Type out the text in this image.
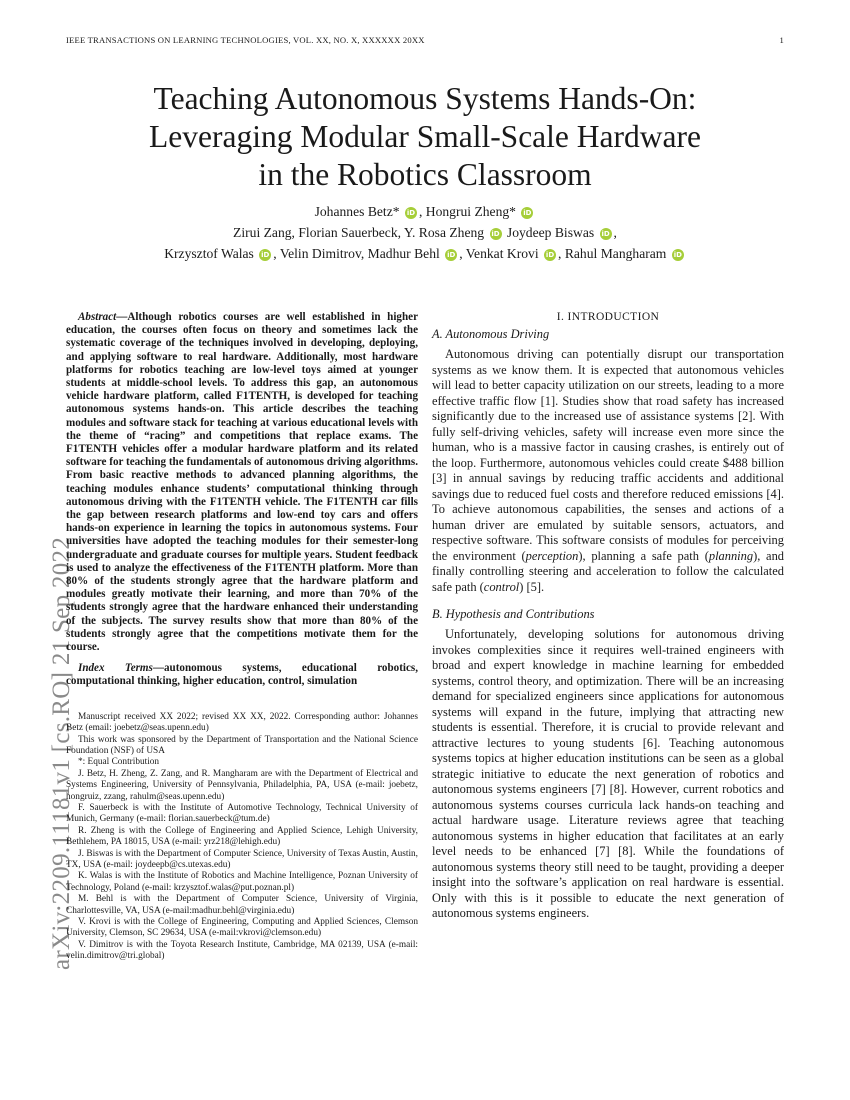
IEEE TRANSACTIONS ON LEARNING TECHNOLOGIES, VOL. XX, NO. X, XXXXXX 20XX	1
Teaching Autonomous Systems Hands-On:
Leveraging Modular Small-Scale Hardware
in the Robotics Classroom
Johannes Betz* iD , Hongrui Zheng* iD
Zirui Zang, Florian Sauerbeck, Y. Rosa Zheng iD Joydeep Biswas iD ,
Krzysztof Walas iD , Velin Dimitrov, Madhur Behl iD , Venkat Krovi iD , Rahul Mangharam iD
arXiv:2209.11181v1 [cs.RO] 21 Sep 2022

Abstract—Although robotics courses are well established in higher education, the courses often focus on theory and sometimes lack the systematic coverage of the techniques involved in developing, deploying, and applying software to real hardware. Additionally, most hardware platforms for robotics teaching are low-level toys aimed at younger students at middle-school levels. To address this gap, an autonomous vehicle hardware platform, called F1TENTH, is developed for teaching autonomous systems hands-on. This article describes the teaching modules and software stack for teaching at various educational levels with the theme of “racing” and competitions that replace exams. The F1TENTH vehicles offer a modular hardware platform and its related software for teaching the fundamentals of autonomous driving algorithms. From basic reactive methods to advanced planning algorithms, the teaching modules enhance students’ computational thinking through autonomous driving with the F1TENTH vehicle. The F1TENTH car fills the gap between research platforms and low-end toy cars and offers hands-on experience in learning the topics in autonomous systems. Four universities have adopted the teaching modules for their semester-long undergraduate and graduate courses for multiple years. Student feedback is used to analyze the effectiveness of the F1TENTH platform. More than 80% of the students strongly agree that the hardware platform and modules greatly motivate their learning, and more than 70% of the students strongly agree that the hardware enhanced their understanding of the subjects. The survey results show that more than 80% of the students strongly agree that the competitions motivate them for the course.

Index Terms—autonomous systems, educational robotics, computational thinking, higher education, control, simulation

Manuscript received XX 2022; revised XX XX, 2022. Corresponding author: Johannes Betz (email: joebetz@seas.upenn.edu)

This work was sponsored by the Department of Transportation and the National Science Foundation (NSF) of USA

*: Equal Contribution

J. Betz, H. Zheng, Z. Zang, and R. Mangharam are with the Department of Electrical and Systems Engineering, University of Pennsylvania, Philadelphia, PA, USA (e-mail: joebetz, hongruiz, zzang, rahulm@seas.upenn.edu)

F. Sauerbeck is with the Institute of Automotive Technology, Technical University of Munich, Germany (e-mail: florian.sauerbeck@tum.de)

R. Zheng is with the College of Engineering and Applied Science, Lehigh University, Bethlehem, PA 18015, USA (e-mail: yrz218@lehigh.edu)

J. Biswas is with the Department of Computer Science, University of Texas Austin, Austin, TX, USA (e-mail: joydeepb@cs.utexas.edu)

K. Walas is with the Institute of Robotics and Machine Intelligence, Poznan University of Technology, Poland (e-mail: krzysztof.walas@put.poznan.pl)

M. Behl is with the Department of Computer Science, University of Virginia, Charlottesville, VA, USA (e-mail:madhur.behl@virginia.edu)

V. Krovi is with the College of Engineering, Computing and Applied Sciences, Clemson University, Clemson, SC 29634, USA (e-mail:vkrovi@clemson.edu)

V. Dimitrov is with the Toyota Research Institute, Cambridge, MA 02139, USA (e-mail: velin.dimitrov@tri.global)

I. INTRODUCTION

A. Autonomous Driving

Autonomous driving can potentially disrupt our transportation systems as we know them. It is expected that autonomous vehicles will lead to better capacity utilization on our streets, leading to a more effective traffic flow [1]. Studies show that road safety has increased significantly due to the increased use of assistance systems [2]. With fully self-driving vehicles, safety will increase even more since the human, who is a massive factor in causing crashes, is entirely out of the loop. Furthermore, autonomous vehicles could create $488 billion [3] in annual savings by reducing traffic accidents and additional savings due to reduced fuel costs and therefore reduced emissions [4]. To achieve autonomous capabilities, the senses and actions of a human driver are emulated by suitable sensors, actuators, and respective software. This software consists of modules for perceiving the environment (perception), planning a safe path (planning), and finally controlling steering and acceleration to follow the calculated safe path (control) [5].

B. Hypothesis and Contributions

Unfortunately, developing solutions for autonomous driving invokes complexities since it requires well-trained engineers with broad and expert knowledge in machine learning for embedded systems, control theory, and optimization. There will be an increasing demand for specialized engineers since applications for autonomous systems will expand in the future, implying that attracting new students is essential. Therefore, it is crucial to provide relevant and attractive lectures to young students [6]. Teaching autonomous systems topics at higher education institutions can be seen as a global strategic initiative to educate the next generation of robotics and autonomous systems engineers [7] [8]. However, current robotics and autonomous systems courses curricula lack hands-on teaching and actual hardware usage. Literature reviews agree that teaching autonomous systems in higher education that facilitates at an early level needs to be enhanced [7] [8]. While the foundations of autonomous systems theory still need to be taught, providing a deeper insight into the software’s application on real hardware is essential. Only with this is it possible to educate the next generation of autonomous systems engineers.
